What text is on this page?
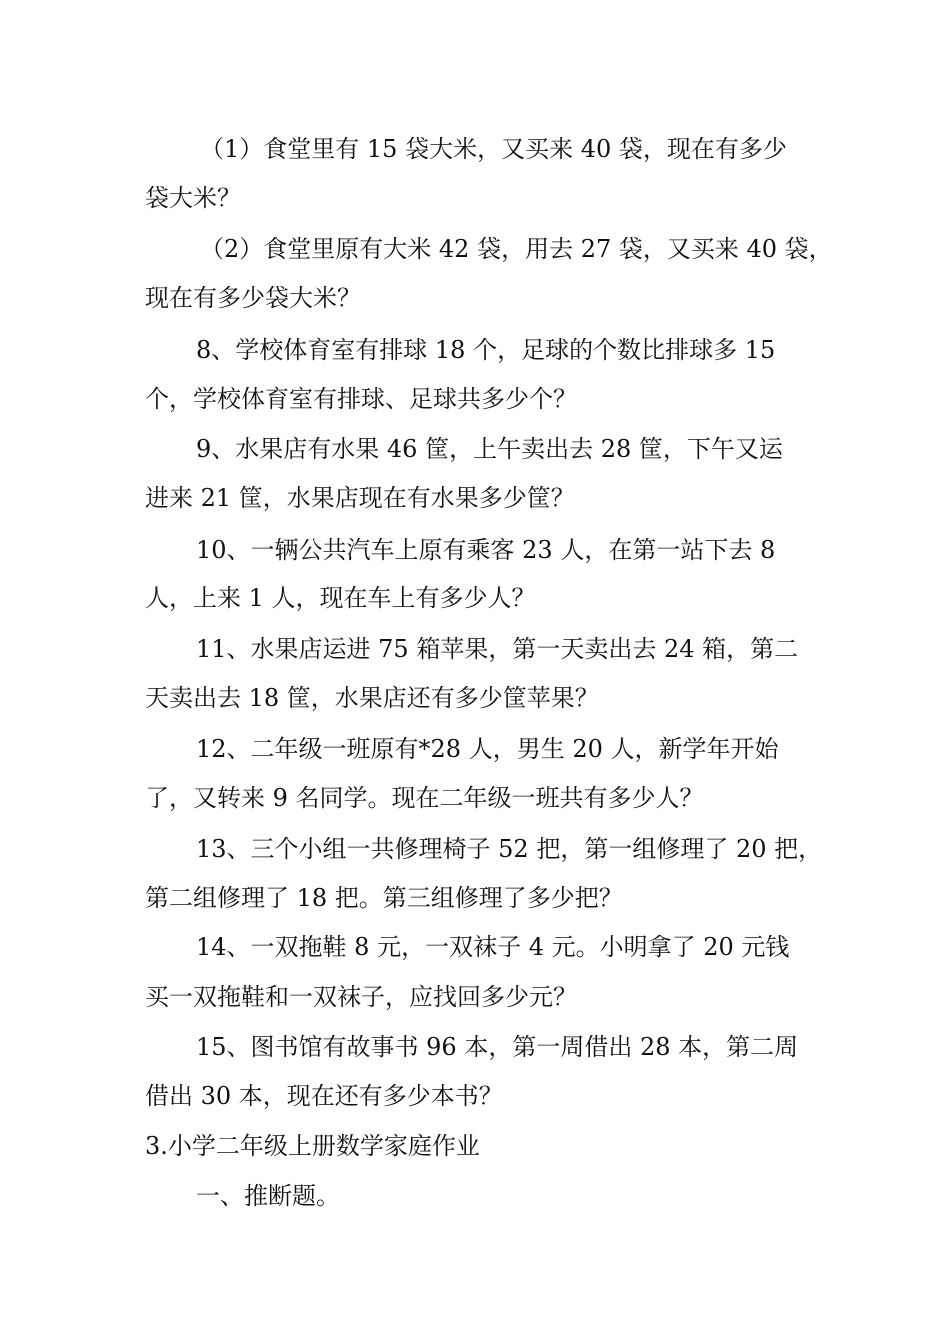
（1）食堂里有 15 袋大米，又买来 40 袋，现在有多少
袋大米？
（2）食堂里原有大米 42 袋，用去 27 袋，又买来 40 袋，
现在有多少袋大米？
8、学校体育室有排球 18 个，足球的个数比排球多 15
个，学校体育室有排球、足球共多少个？
9、水果店有水果 46 筐，上午卖出去 28 筐，下午又运
进来 21 筐，水果店现在有水果多少筐？
10、一辆公共汽车上原有乘客 23 人，在第一站下去 8
人，上来 1 人，现在车上有多少人？
11、水果店运进 75 箱苹果，第一天卖出去 24 箱，第二
天卖出去 18 筐，水果店还有多少筐苹果？
12、二年级一班原有*28 人，男生 20 人，新学年开始
了，又转来 9 名同学。现在二年级一班共有多少人？
13、三个小组一共修理椅子 52 把，第一组修理了 20 把，
第二组修理了 18 把。第三组修理了多少把？
14、一双拖鞋 8 元，一双袜子 4 元。小明拿了 20 元钱
买一双拖鞋和一双袜子，应找回多少元？
15、图书馆有故事书 96 本，第一周借出 28 本，第二周
借出 30 本，现在还有多少本书？
3.小学二年级上册数学家庭作业
一、推断题。
